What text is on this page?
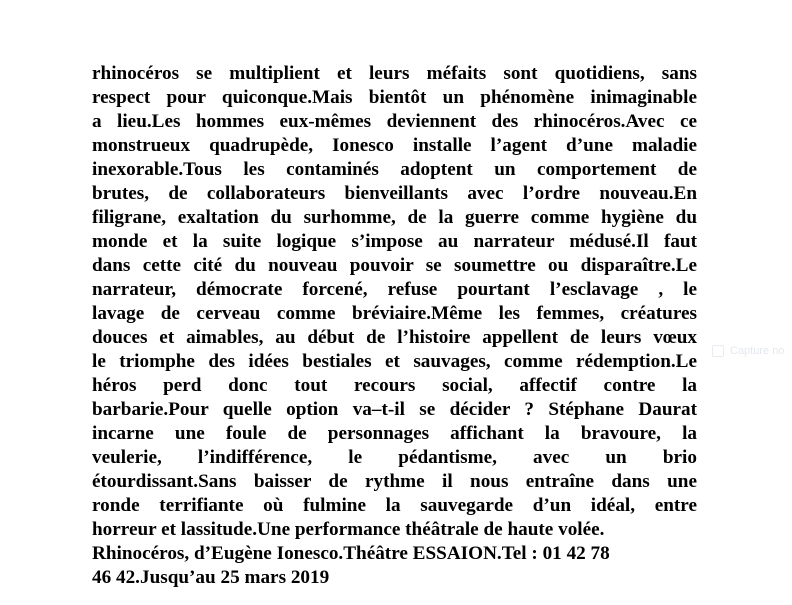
rhinocéros se multiplient et leurs méfaits sont quotidiens, sans
respect pour quiconque.Mais bientôt un phénomène inimaginable
a lieu.Les hommes eux-mêmes deviennent des rhinocéros.Avec ce
monstrueux quadrupède, Ionesco installe l’agent d’une maladie
inexorable.Tous les contaminés adoptent un comportement de
brutes, de collaborateurs bienveillants avec l’ordre nouveau.En
filigrane, exaltation du surhomme, de la guerre comme hygiène du
monde et la suite logique s’impose au narrateur médusé.Il faut
dans cette cité du nouveau pouvoir se soumettre ou disparaître.Le
narrateur, démocrate forcené, refuse pourtant l’esclavage , le
lavage de cerveau comme bréviaire.Même les femmes, créatures
douces et aimables, au début de l’histoire appellent de leurs vœux
le triomphe des idées bestiales et sauvages, comme rédemption.Le
héros perd donc tout recours social, affectif contre la
barbarie.Pour quelle option va–t-il se décider ? Stéphane Daurat
incarne une foule de personnages affichant la bravoure, la
veulerie, l’indifférence, le pédantisme, avec un brio
étourdissant.Sans baisser de rythme il nous entraîne dans une
ronde terrifiante où fulmine la sauvegarde d’un idéal, entre
horreur et lassitude.Une performance théâtrale de haute volée.
Rhinocéros, d’Eugène Ionesco.Théâtre ESSAION.Tel : 01 42 78
46 42.Jusqu’au 25 mars 2019
Capture no
